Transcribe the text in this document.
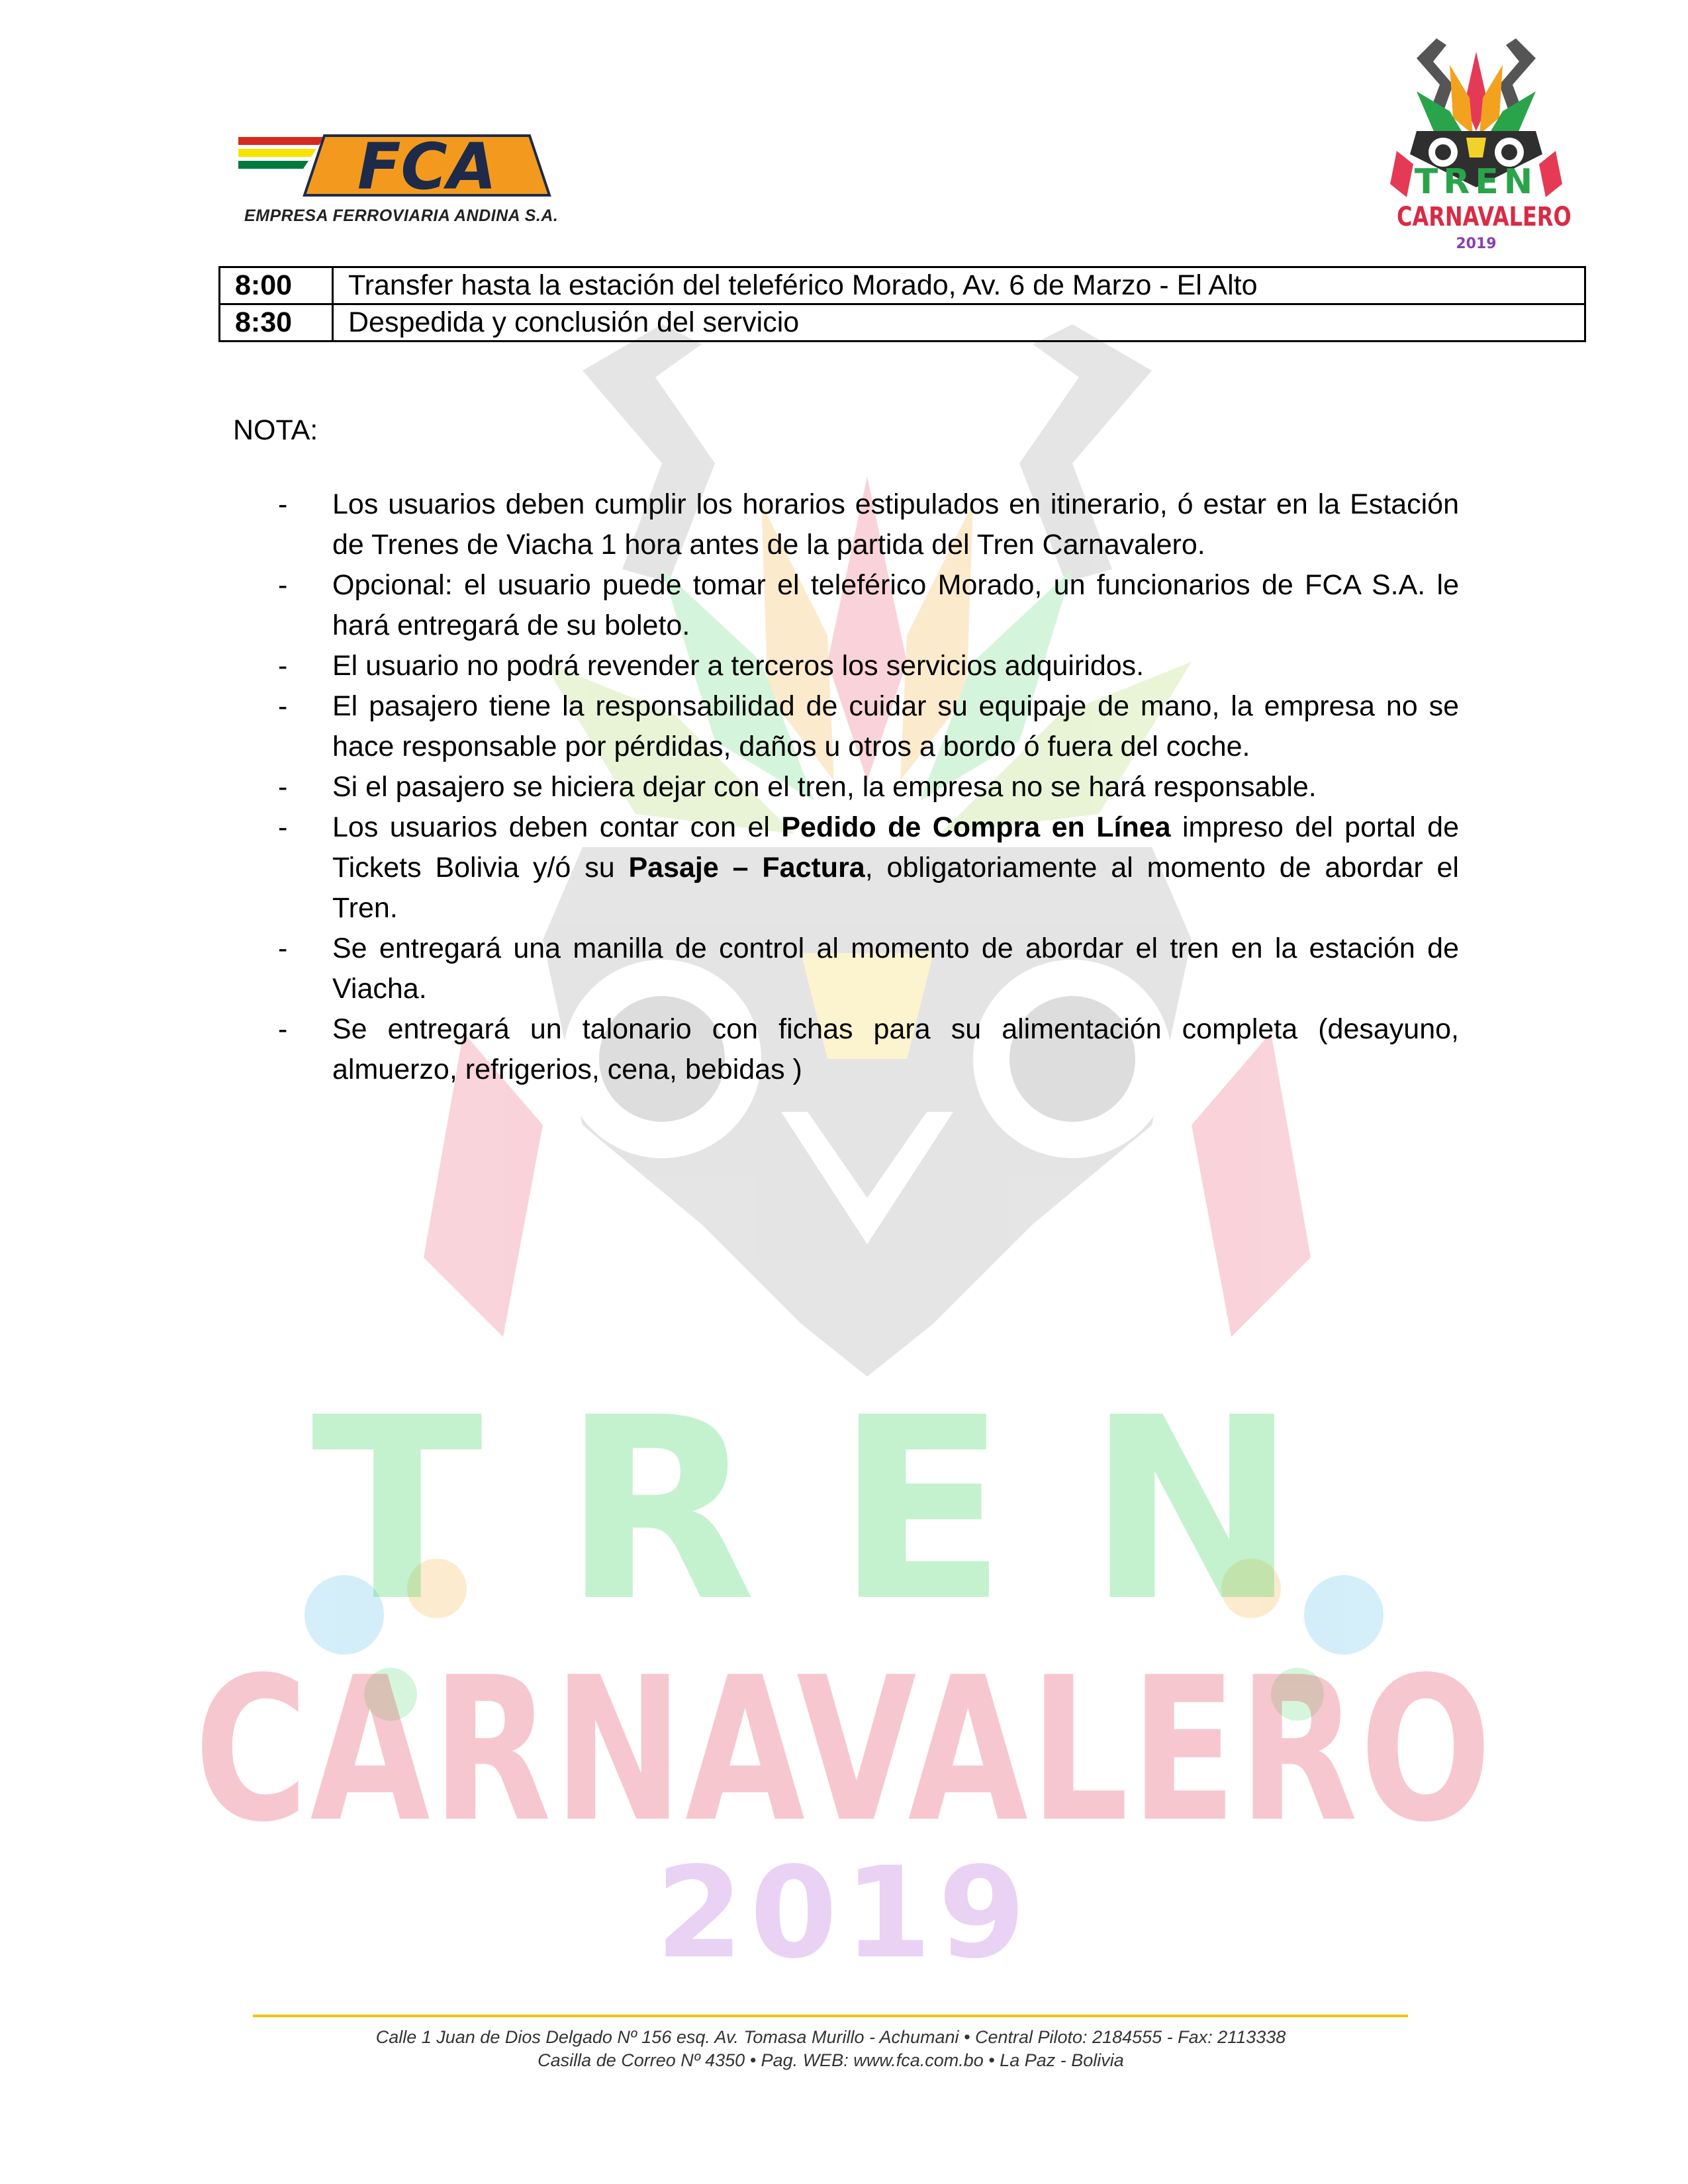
TREN
CARNAVALERO
2019
FCA
EMPRESA FERROVIARIA ANDINA S.A.
TREN
CARNAVALERO
2019
8:00	Transfer hasta la estación del teleférico Morado, Av. 6 de Marzo - El Alto
8:30	Despedida y conclusión del servicio
NOTA:
- Los usuarios deben cumplir los horarios estipulados en itinerario, ó estar en la Estación de Trenes de Viacha 1 hora antes de la partida del Tren Carnavalero.
- Opcional: el usuario puede tomar el teleférico Morado, un funcionarios de FCA S.A. le hará entregará de su boleto.
- El usuario no podrá revender a terceros los servicios adquiridos.
- El pasajero tiene la responsabilidad de cuidar su equipaje de mano, la empresa no se hace responsable por pérdidas, daños u otros a bordo ó fuera del coche.
- Si el pasajero se hiciera dejar con el tren, la empresa no se hará responsable.
- Los usuarios deben contar con el Pedido de Compra en Línea impreso del portal de Tickets Bolivia y/ó su Pasaje – Factura, obligatoriamente al momento de abordar el Tren.
- Se entregará una manilla de control al momento de abordar el tren en la estación de Viacha.
- Se entregará un talonario con fichas para su alimentación completa (desayuno, almuerzo, refrigerios, cena, bebidas )
Calle 1 Juan de Dios Delgado Nº 156 esq. Av. Tomasa Murillo - Achumani • Central Piloto: 2184555 - Fax: 2113338
Casilla de Correo Nº 4350 • Pag. WEB: www.fca.com.bo • La Paz - Bolivia
